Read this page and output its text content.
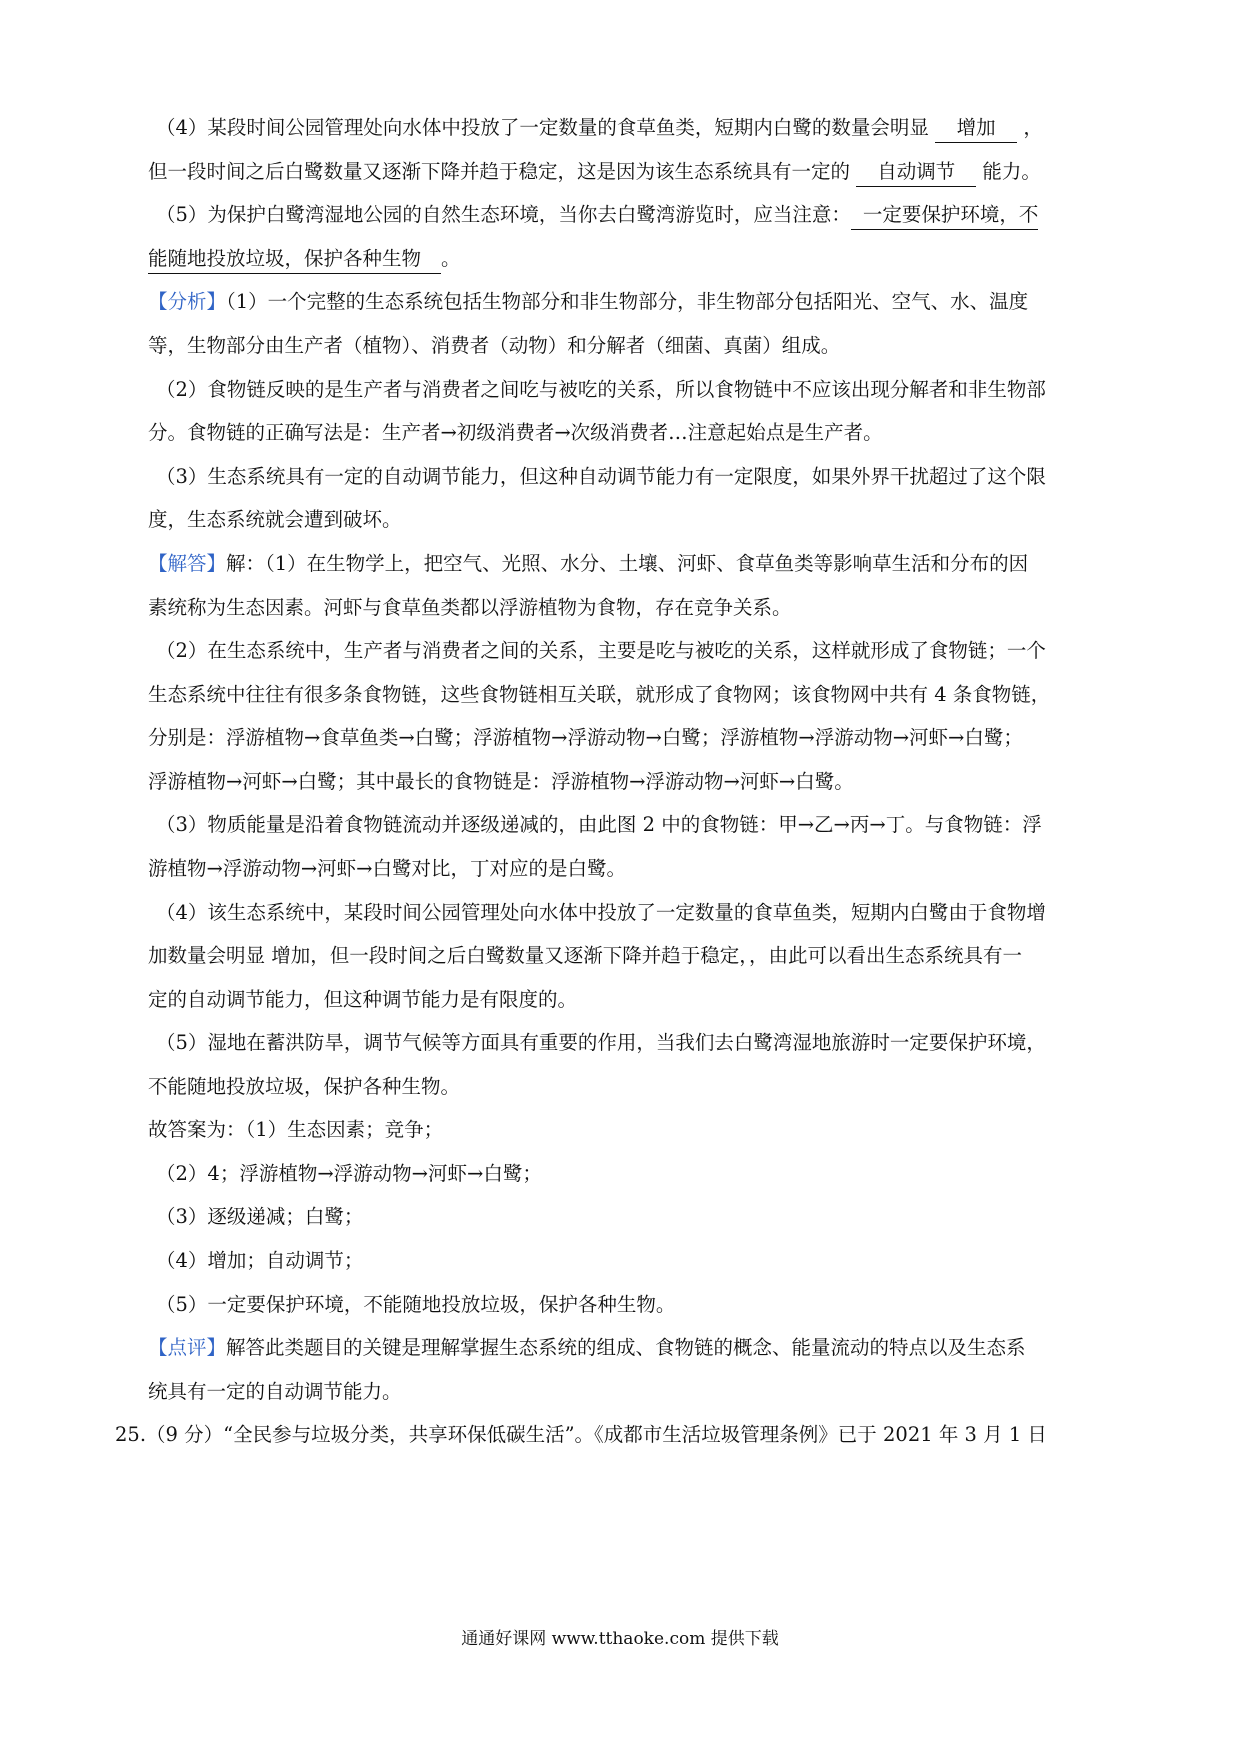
（4）某段时间公园管理处向水体中投放了一定数量的食草鱼类，短期内白鹭的数量会明显 增加 ，
但一段时间之后白鹭数量又逐渐下降并趋于稳定，这是因为该生态系统具有一定的 自动调节 能力。
（5）为保护白鹭湾湿地公园的自然生态环境，当你去白鹭湾游览时，应当注意： 一定要保护环境，不
能随地投放垃圾，保护各种生物 。
【分析】（1）一个完整的生态系统包括生物部分和非生物部分，非生物部分包括阳光、空气、水、温度
等，生物部分由生产者（植物）、消费者（动物）和分解者（细菌、真菌）组成。
（2）食物链反映的是生产者与消费者之间吃与被吃的关系，所以食物链中不应该出现分解者和非生物部
分。食物链的正确写法是：生产者→初级消费者→次级消费者…注意起始点是生产者。
（3）生态系统具有一定的自动调节能力，但这种自动调节能力有一定限度，如果外界干扰超过了这个限
度，生态系统就会遭到破坏。
【解答】解：（1）在生物学上，把空气、光照、水分、土壤、河虾、食草鱼类等影响草生活和分布的因
素统称为生态因素。河虾与食草鱼类都以浮游植物为食物，存在竞争关系。
（2）在生态系统中，生产者与消费者之间的关系，主要是吃与被吃的关系，这样就形成了食物链；一个
生态系统中往往有很多条食物链，这些食物链相互关联，就形成了食物网；该食物网中共有 4 条食物链，
分别是：浮游植物→食草鱼类→白鹭；浮游植物→浮游动物→白鹭；浮游植物→浮游动物→河虾→白鹭；
浮游植物→河虾→白鹭；其中最长的食物链是：浮游植物→浮游动物→河虾→白鹭。
（3）物质能量是沿着食物链流动并逐级递减的，由此图 2 中的食物链：甲→乙→丙→丁。与食物链：浮
游植物→浮游动物→河虾→白鹭对比，丁对应的是白鹭。
（4）该生态系统中，某段时间公园管理处向水体中投放了一定数量的食草鱼类，短期内白鹭由于食物增
加数量会明显 增加，但一段时间之后白鹭数量又逐渐下降并趋于稳定，，由此可以看出生态系统具有一
定的自动调节能力，但这种调节能力是有限度的。
（5）湿地在蓄洪防旱，调节气候等方面具有重要的作用，当我们去白鹭湾湿地旅游时一定要保护环境，
不能随地投放垃圾，保护各种生物。
故答案为：（1）生态因素；竞争；
（2）4；浮游植物→浮游动物→河虾→白鹭；
（3）逐级递减；白鹭；
（4）增加；自动调节；
（5）一定要保护环境，不能随地投放垃圾，保护各种生物。
【点评】解答此类题目的关键是理解掌握生态系统的组成、食物链的概念、能量流动的特点以及生态系
统具有一定的自动调节能力。
25.（9 分）“全民参与垃圾分类，共享环保低碳生活”。《成都市生活垃圾管理条例》已于 2021 年 3 月 1 日
通通好课网 www.tthaoke.com 提供下载
